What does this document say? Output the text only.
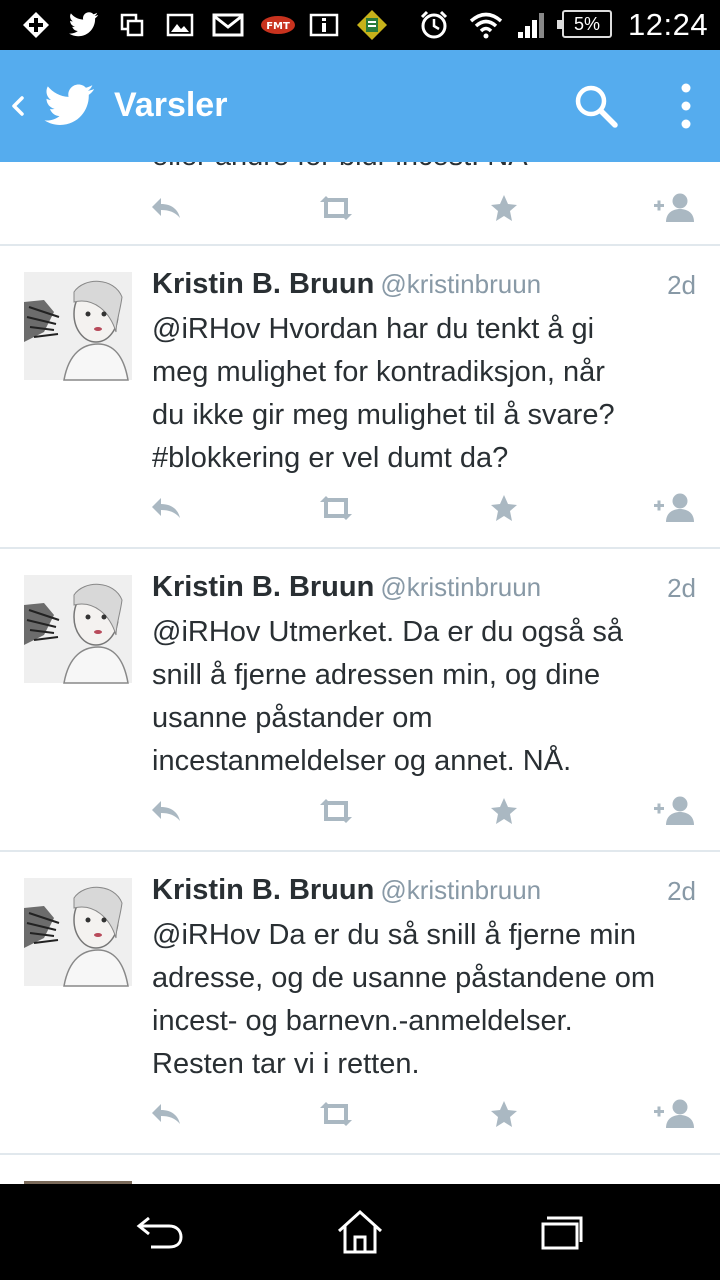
FMT	5% 12:24
Varsler
Kristin B. Bruun @kristinbruun	2d
@iRHov Hvordan har du tenkt å gi
meg mulighet for kontradiksjon, når
du ikke gir meg mulighet til å svare?
#blokkering er vel dumt da?
Kristin B. Bruun @kristinbruun	2d
@iRHov Utmerket. Da er du også så
snill å fjerne adressen min, og dine
usanne påstander om
incestanmeldelser og annet. NÅ.
Kristin B. Bruun @kristinbruun	2d
@iRHov Da er du så snill å fjerne min
adresse, og de usanne påstandene om
incest- og barnevn.-anmeldelser.
Resten tar vi i retten.
